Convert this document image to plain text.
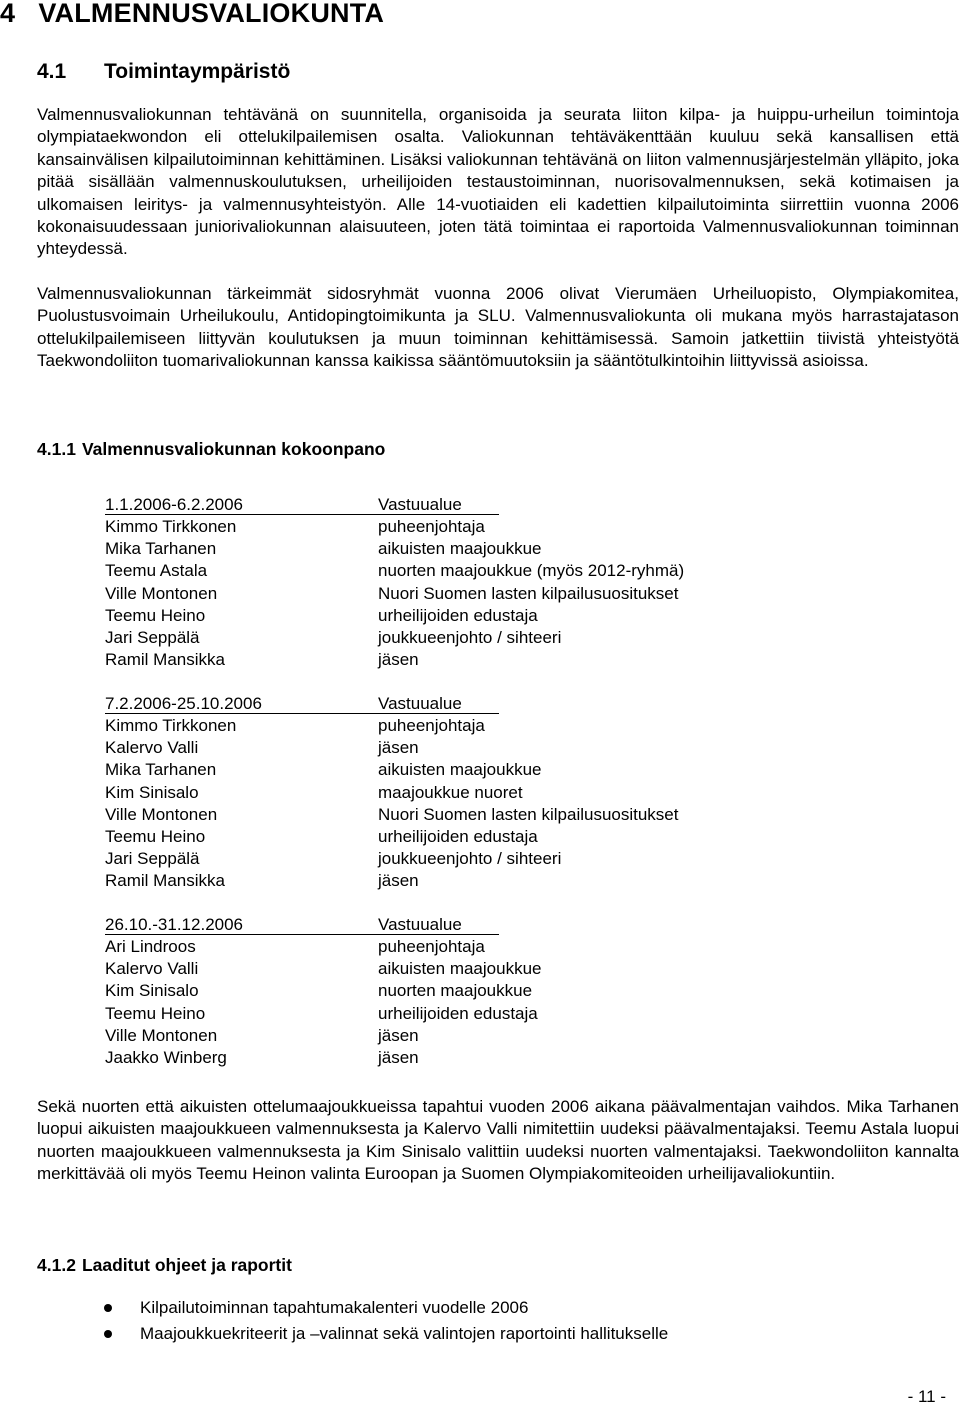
4 VALMENNUSVALIOKUNTA
4.1 Toimintaympäristö

Valmennusvaliokunnan tehtävänä on suunnitella, organisoida ja seurata liiton kilpa- ja huippu-urheilun toimintoja olympiataekwondon eli ottelukilpailemisen osalta. Valiokunnan tehtäväkenttään kuuluu sekä kansallisen että kansainvälisen kilpailutoiminnan kehittäminen. Lisäksi valiokunnan tehtävänä on liiton valmennusjärjestelmän ylläpito, joka pitää sisällään valmennuskoulutuksen, urheilijoiden testaustoiminnan, nuorisovalmennuksen, sekä kotimaisen ja ulkomaisen leiritys- ja valmennusyhteistyön. Alle 14-vuotiaiden eli kadettien kilpailutoiminta siirrettiin vuonna 2006 kokonaisuudessaan juniorivaliokunnan alaisuuteen, joten tätä toimintaa ei raportoida Valmennusvaliokunnan toiminnan yhteydessä.

Valmennusvaliokunnan tärkeimmät sidosryhmät vuonna 2006 olivat Vierumäen Urheiluopisto, Olympiakomitea, Puolustusvoimain Urheilukoulu, Antidopingtoimikunta ja SLU. Valmennusvaliokunta oli mukana myös harrastajatason ottelukilpailemiseen liittyvän koulutuksen ja muun toiminnan kehittämisessä. Samoin jatkettiin tiivistä yhteistyötä Taekwondoliiton tuomarivaliokunnan kanssa kaikissa sääntömuutoksiin ja sääntötulkintoihin liittyvissä asioissa.

4.1.1 Valmennusvaliokunnan kokoonpano
1.1.2006-6.2.2006	Vastuualue
Kimmo Tirkkonen	puheenjohtaja
Mika Tarhanen	aikuisten maajoukkue
Teemu Astala	nuorten maajoukkue (myös 2012-ryhmä)
Ville Montonen	Nuori Suomen lasten kilpailusuositukset
Teemu Heino	urheilijoiden edustaja
Jari Seppälä	joukkueenjohto / sihteeri
Ramil Mansikka	jäsen
7.2.2006-25.10.2006	Vastuualue
Kimmo Tirkkonen	puheenjohtaja
Kalervo Valli	jäsen
Mika Tarhanen	aikuisten maajoukkue
Kim Sinisalo	maajoukkue nuoret
Ville Montonen	Nuori Suomen lasten kilpailusuositukset
Teemu Heino	urheilijoiden edustaja
Jari Seppälä	joukkueenjohto / sihteeri
Ramil Mansikka	jäsen
26.10.-31.12.2006	Vastuualue
Ari Lindroos	puheenjohtaja
Kalervo Valli	aikuisten maajoukkue
Kim Sinisalo	nuorten maajoukkue
Teemu Heino	urheilijoiden edustaja
Ville Montonen	jäsen
Jaakko Winberg	jäsen

Sekä nuorten että aikuisten ottelumaajoukkueissa tapahtui vuoden 2006 aikana päävalmentajan vaihdos. Mika Tarhanen luopui aikuisten maajoukkueen valmennuksesta ja Kalervo Valli nimitettiin uudeksi päävalmentajaksi. Teemu Astala luopui nuorten maajoukkueen valmennuksesta ja Kim Sinisalo valittiin uudeksi nuorten valmentajaksi. Taekwondoliiton kannalta merkittävää oli myös Teemu Heinon valinta Euroopan ja Suomen Olympiakomiteoiden urheilijavaliokuntiin.

4.1.2 Laaditut ohjeet ja raportit
Kilpailutoiminnan tapahtumakalenteri vuodelle 2006
Maajoukkuekriteerit ja –valinnat sekä valintojen raportointi hallitukselle
- 11 -
